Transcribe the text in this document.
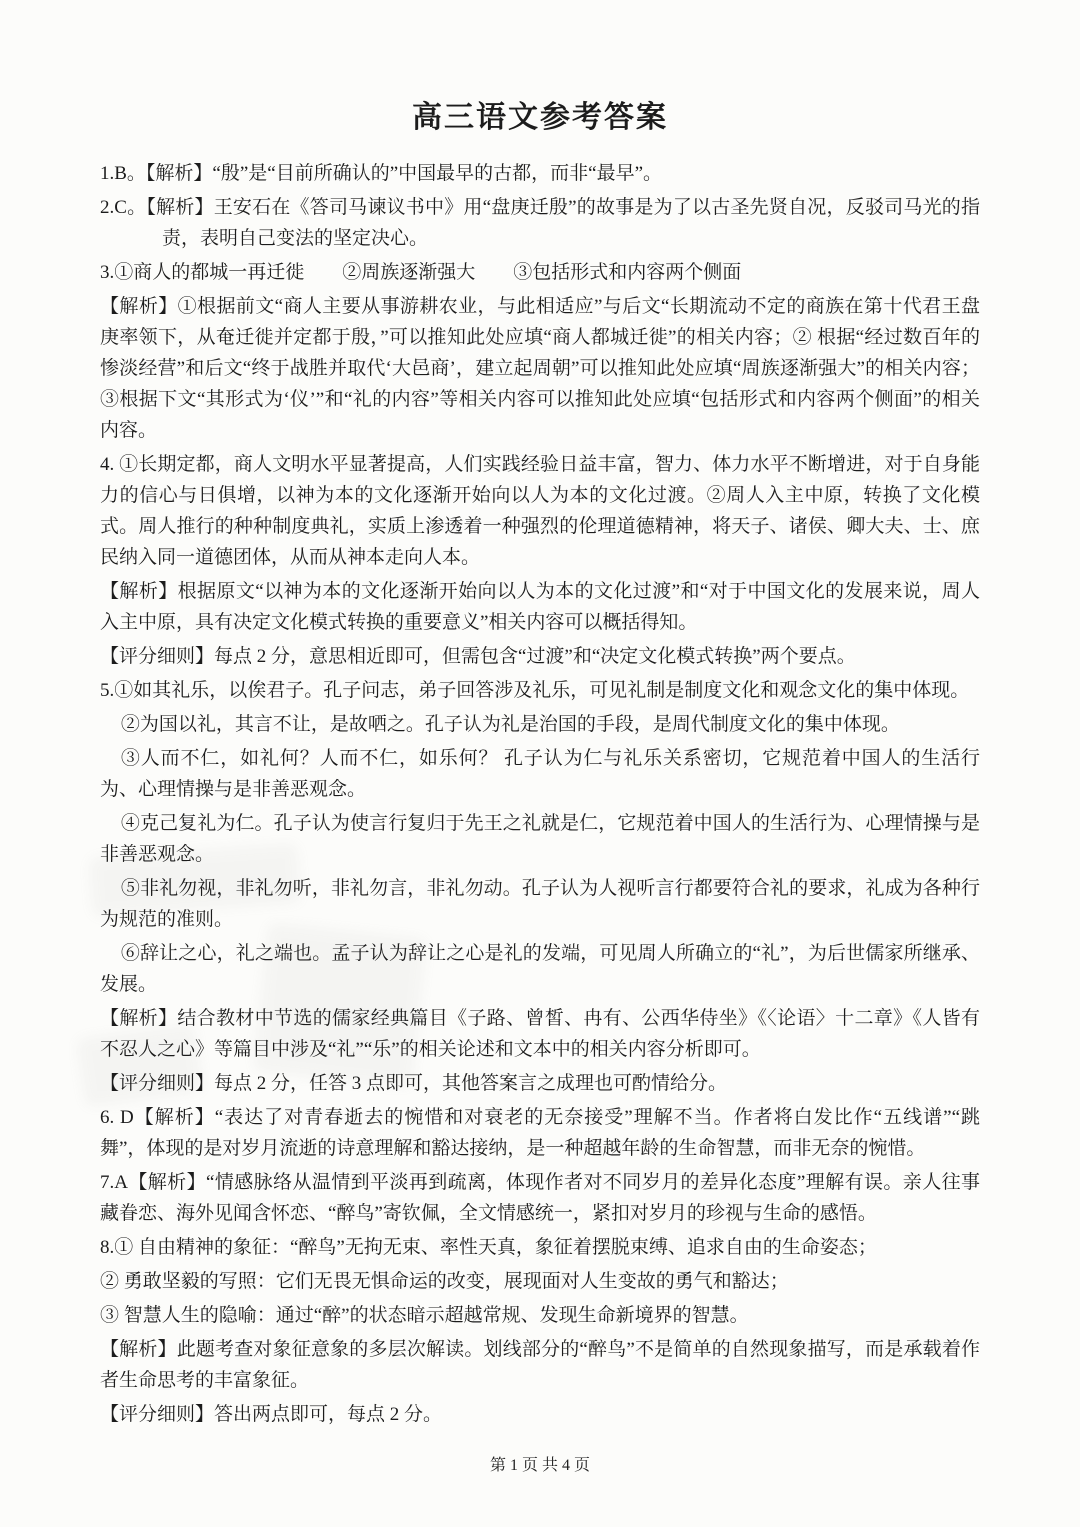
高三语文参考答案

1.B。【解析】“殷”是“目前所确认的”中国最早的古都，而非“最早”。

2.C。【解析】王安石在《答司马谏议书中》用“盘庚迁殷”的故事是为了以古圣先贤自况，反驳司马光的指责，表明自己变法的坚定决心。

3.①商人的都城一再迁徙　　②周族逐渐强大　　③包括形式和内容两个侧面

【解析】①根据前文“商人主要从事游耕农业，与此相适应”与后文“长期流动不定的商族在第十代君王盘庚率领下，从奄迁徙并定都于殷，”可以推知此处应填“商人都城迁徙”的相关内容；② 根据“经过数百年的惨淡经营”和后文“终于战胜并取代‘大邑商’，建立起周朝”可以推知此处应填“周族逐渐强大”的相关内容；③根据下文“其形式为‘仪’”和“礼的内容”等相关内容可以推知此处应填“包括形式和内容两个侧面”的相关内容。

4. ①长期定都，商人文明水平显著提高，人们实践经验日益丰富，智力、体力水平不断增进，对于自身能力的信心与日俱增，以神为本的文化逐渐开始向以人为本的文化过渡。②周人入主中原，转换了文化模式。周人推行的种种制度典礼，实质上渗透着一种强烈的伦理道德精神，将天子、诸侯、卿大夫、士、庶民纳入同一道德团体，从而从神本走向人本。

【解析】根据原文“以神为本的文化逐渐开始向以人为本的文化过渡”和“对于中国文化的发展来说，周人入主中原，具有决定文化模式转换的重要意义”相关内容可以概括得知。

【评分细则】每点 2 分，意思相近即可，但需包含“过渡”和“决定文化模式转换”两个要点。

5.①如其礼乐，以俟君子。孔子问志，弟子回答涉及礼乐，可见礼制是制度文化和观念文化的集中体现。

②为国以礼，其言不让，是故哂之。孔子认为礼是治国的手段，是周代制度文化的集中体现。

③人而不仁，如礼何？人而不仁，如乐何？ 孔子认为仁与礼乐关系密切，它规范着中国人的生活行为、心理情操与是非善恶观念。

④克己复礼为仁。孔子认为使言行复归于先王之礼就是仁，它规范着中国人的生活行为、心理情操与是非善恶观念。

⑤非礼勿视，非礼勿听，非礼勿言，非礼勿动。孔子认为人视听言行都要符合礼的要求，礼成为各种行为规范的准则。

⑥辞让之心，礼之端也。孟子认为辞让之心是礼的发端，可见周人所确立的“礼”，为后世儒家所继承、发展。

【解析】结合教材中节选的儒家经典篇目《子路、曾皙、冉有、公西华侍坐》《〈论语〉十二章》《人皆有不忍人之心》等篇目中涉及“礼”“乐”的相关论述和文本中的相关内容分析即可。

【评分细则】每点 2 分，任答 3 点即可，其他答案言之成理也可酌情给分。

6. D【解析】“表达了对青春逝去的惋惜和对衰老的无奈接受”理解不当。作者将白发比作“五线谱”“跳舞”，体现的是对岁月流逝的诗意理解和豁达接纳，是一种超越年龄的生命智慧，而非无奈的惋惜。

7.A【解析】“情感脉络从温情到平淡再到疏离，体现作者对不同岁月的差异化态度”理解有误。亲人往事藏眷恋、海外见闻含怀恋、“醉鸟”寄钦佩，全文情感统一，紧扣对岁月的珍视与生命的感悟。

8.① 自由精神的象征：“醉鸟”无拘无束、率性天真，象征着摆脱束缚、追求自由的生命姿态；

② 勇敢坚毅的写照：它们无畏无惧命运的改变，展现面对人生变故的勇气和豁达；

③ 智慧人生的隐喻：通过“醉”的状态暗示超越常规、发现生命新境界的智慧。

【解析】此题考查对象征意象的多层次解读。划线部分的“醉鸟”不是简单的自然现象描写，而是承载着作者生命思考的丰富象征。

【评分细则】答出两点即可，每点 2 分。

第 1 页 共 4 页
